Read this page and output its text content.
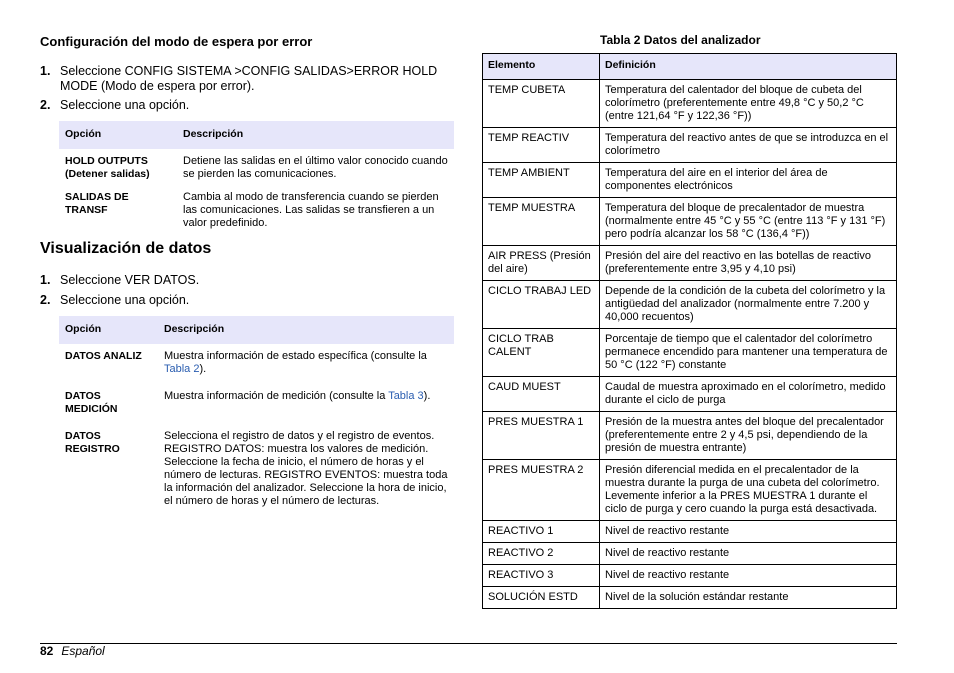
Configuración del modo de espera por error
1. Seleccione CONFIG SISTEMA >CONFIG SALIDAS>ERROR HOLD MODE (Modo de espera por error).
2. Seleccione una opción.
Opción	Descripción
HOLD OUTPUTS (Detener salidas)	Detiene las salidas en el último valor conocido cuando se pierden las comunicaciones.
SALIDAS DE TRANSF	Cambia al modo de transferencia cuando se pierden las comunicaciones. Las salidas se transfieren a un valor predefinido.
Visualización de datos
1. Seleccione VER DATOS.
2. Seleccione una opción.
Opción	Descripción
DATOS ANALIZ	Muestra información de estado específica (consulte la Tabla 2).
DATOS MEDICIÓN	Muestra información de medición (consulte la Tabla 3).
DATOS REGISTRO	Selecciona el registro de datos y el registro de eventos. REGISTRO DATOS: muestra los valores de medición. Seleccione la fecha de inicio, el número de horas y el número de lecturas. REGISTRO EVENTOS: muestra toda la información del analizador. Seleccione la hora de inicio, el número de horas y el número de lecturas.
Tabla 2 Datos del analizador
Elemento	Definición
TEMP CUBETA	Temperatura del calentador del bloque de cubeta del colorímetro (preferentemente entre 49,8 °C y 50,2 °C (entre 121,64 °F y 122,36 °F))
TEMP REACTIV	Temperatura del reactivo antes de que se introduzca en el colorímetro
TEMP AMBIENT	Temperatura del aire en el interior del área de componentes electrónicos
TEMP MUESTRA	Temperatura del bloque de precalentador de muestra (normalmente entre 45 °C y 55 °C (entre 113 °F y 131 °F) pero podría alcanzar los 58 °C (136,4 °F))
AIR PRESS (Presión del aire)	Presión del aire del reactivo en las botellas de reactivo (preferentemente entre 3,95 y 4,10 psi)
CICLO TRABAJ LED	Depende de la condición de la cubeta del colorímetro y la antigüedad del analizador (normalmente entre 7.200 y 40,000 recuentos)
CICLO TRAB CALENT	Porcentaje de tiempo que el calentador del colorímetro permanece encendido para mantener una temperatura de 50 °C (122 °F) constante
CAUD MUEST	Caudal de muestra aproximado en el colorímetro, medido durante el ciclo de purga
PRES MUESTRA 1	Presión de la muestra antes del bloque del precalentador (preferentemente entre 2 y 4,5 psi, dependiendo de la presión de muestra entrante)
PRES MUESTRA 2	Presión diferencial medida en el precalentador de la muestra durante la purga de una cubeta del colorímetro. Levemente inferior a la PRES MUESTRA 1 durante el ciclo de purga y cero cuando la purga está desactivada.
REACTIVO 1	Nivel de reactivo restante
REACTIVO 2	Nivel de reactivo restante
REACTIVO 3	Nivel de reactivo restante
SOLUCIÓN ESTD	Nivel de la solución estándar restante
82 Español
